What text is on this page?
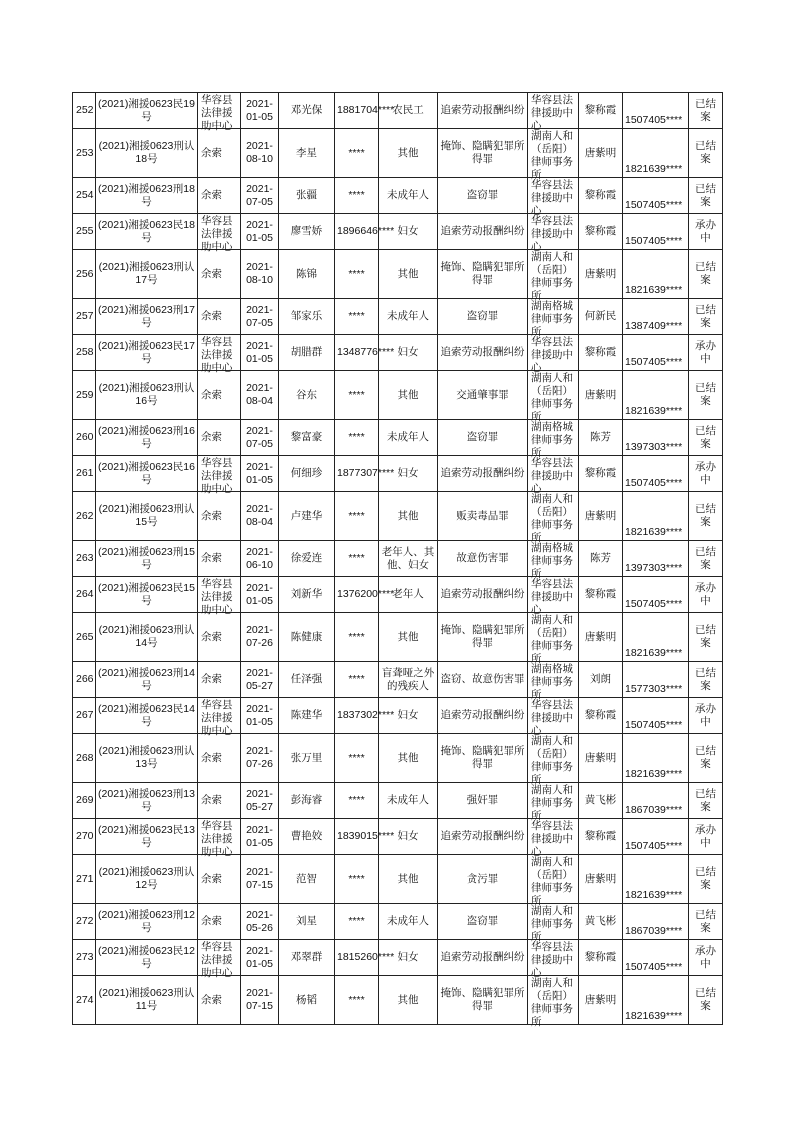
252	(2021)湘援0623民19号	华容县法律援助中心	2021-01-05	邓光保	1881704****	农民工	追索劳动报酬纠纷	华容县法律援助中心	黎称霞	1507405****	已结案

253	(2021)湘援0623刑认18号	余索	2021-08-10	李星	****	其他	掩饰、隐瞒犯罪所得罪	湖南人和（岳阳）律师事务所	唐紫明	1821639****	已结案

254	(2021)湘援0623刑18号	余索	2021-07-05	张疆	****	未成年人	盗窃罪	华容县法律援助中心	黎称霞	1507405****	已结案

255	(2021)湘援0623民18号	华容县法律援助中心	2021-01-05	廖雪娇	1896646****	妇女	追索劳动报酬纠纷	华容县法律援助中心	黎称霞	1507405****	承办中

256	(2021)湘援0623刑认17号	余索	2021-08-10	陈锦	****	其他	掩饰、隐瞒犯罪所得罪	湖南人和（岳阳）律师事务所	唐紫明	1821639****	已结案

257	(2021)湘援0623刑17号	余索	2021-07-05	邹家乐	****	未成年人	盗窃罪	湖南格城律师事务所	何新民	1387409****	已结案

258	(2021)湘援0623民17号	华容县法律援助中心	2021-01-05	胡腊群	1348776****	妇女	追索劳动报酬纠纷	华容县法律援助中心	黎称霞	1507405****	承办中

259	(2021)湘援0623刑认16号	余索	2021-08-04	谷东	****	其他	交通肇事罪	湖南人和（岳阳）律师事务所	唐紫明	1821639****	已结案

260	(2021)湘援0623刑16号	余索	2021-07-05	黎富豪	****	未成年人	盗窃罪	湖南格城律师事务所	陈芳	1397303****	已结案

261	(2021)湘援0623民16号	华容县法律援助中心	2021-01-05	何细珍	1877307****	妇女	追索劳动报酬纠纷	华容县法律援助中心	黎称霞	1507405****	承办中

262	(2021)湘援0623刑认15号	余索	2021-08-04	卢建华	****	其他	贩卖毒品罪	湖南人和（岳阳）律师事务所	唐紫明	1821639****	已结案

263	(2021)湘援0623刑15号	余索	2021-06-10	徐爱连	****	老年人、其他、妇女	故意伤害罪	湖南格城律师事务所	陈芳	1397303****	已结案

264	(2021)湘援0623民15号	华容县法律援助中心	2021-01-05	刘新华	1376200****	老年人	追索劳动报酬纠纷	华容县法律援助中心	黎称霞	1507405****	承办中

265	(2021)湘援0623刑认14号	余索	2021-07-26	陈健康	****	其他	掩饰、隐瞒犯罪所得罪	湖南人和（岳阳）律师事务所	唐紫明	1821639****	已结案

266	(2021)湘援0623刑14号	余索	2021-05-27	任泽强	****	盲聋哑之外的残疾人	盗窃、故意伤害罪	湖南格城律师事务所	刘朗	1577303****	已结案

267	(2021)湘援0623民14号	华容县法律援助中心	2021-01-05	陈建华	1837302****	妇女	追索劳动报酬纠纷	华容县法律援助中心	黎称霞	1507405****	承办中

268	(2021)湘援0623刑认13号	余索	2021-07-26	张万里	****	其他	掩饰、隐瞒犯罪所得罪	湖南人和（岳阳）律师事务所	唐紫明	1821639****	已结案

269	(2021)湘援0623刑13号	余索	2021-05-27	彭海睿	****	未成年人	强奸罪	湖南人和律师事务所	黄飞彬	1867039****	已结案

270	(2021)湘援0623民13号	华容县法律援助中心	2021-01-05	曹艳姣	1839015****	妇女	追索劳动报酬纠纷	华容县法律援助中心	黎称霞	1507405****	承办中

271	(2021)湘援0623刑认12号	余索	2021-07-15	范智	****	其他	贪污罪	湖南人和（岳阳）律师事务所	唐紫明	1821639****	已结案

272	(2021)湘援0623刑12号	余索	2021-05-26	刘星	****	未成年人	盗窃罪	湖南人和律师事务所	黄飞彬	1867039****	已结案

273	(2021)湘援0623民12号	华容县法律援助中心	2021-01-05	邓翠群	1815260****	妇女	追索劳动报酬纠纷	华容县法律援助中心	黎称霞	1507405****	承办中

274	(2021)湘援0623刑认11号	余索	2021-07-15	杨韬	****	其他	掩饰、隐瞒犯罪所得罪	湖南人和（岳阳）律师事务所	唐紫明	1821639****	已结案
